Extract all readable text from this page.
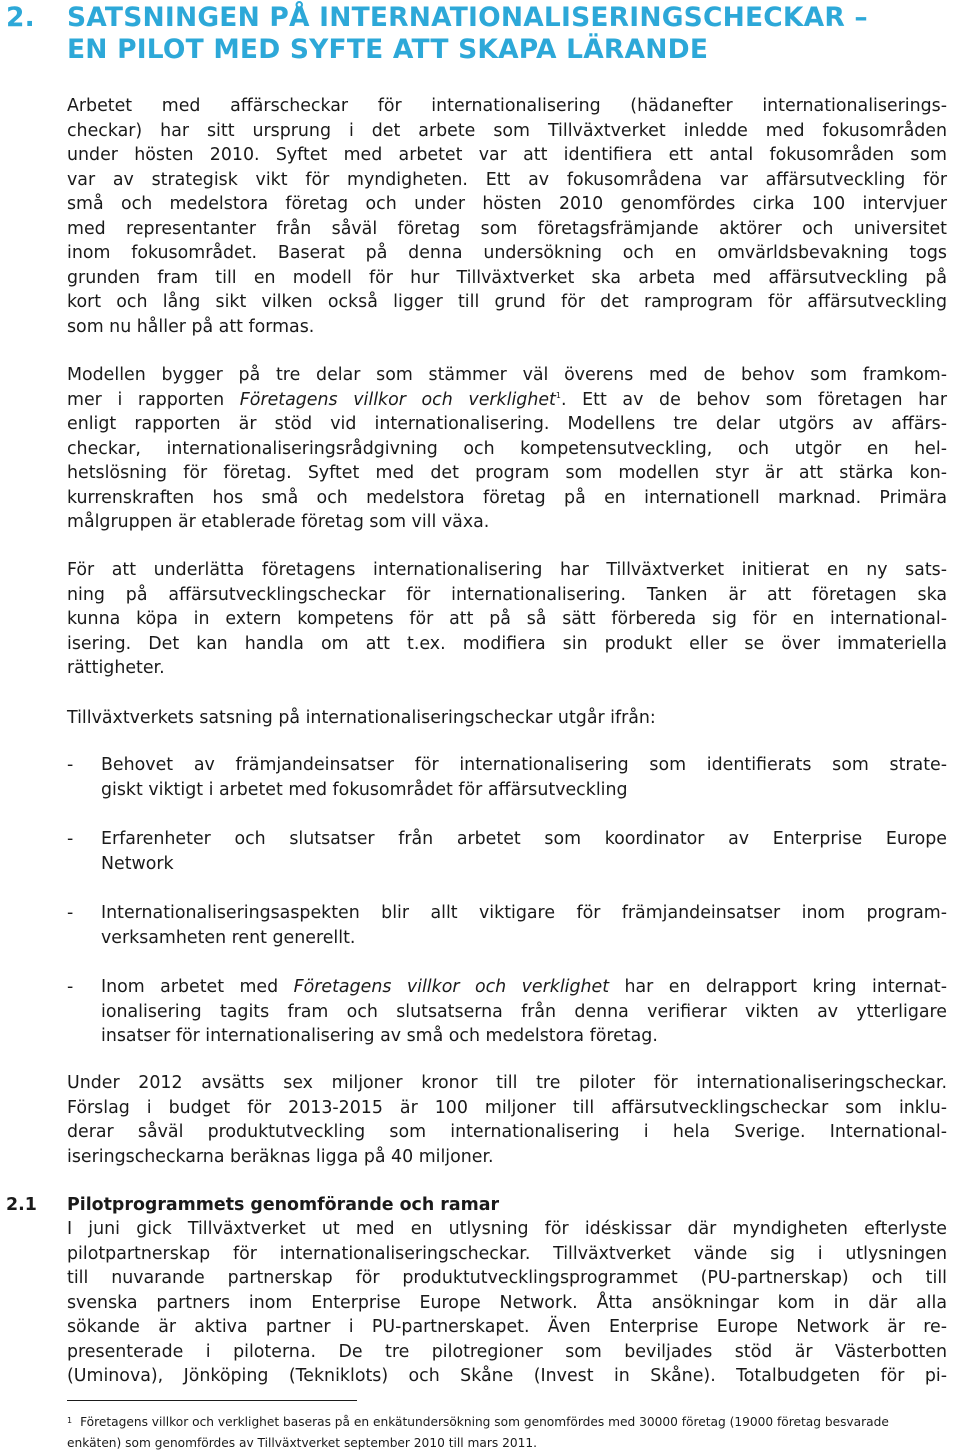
2. SATSNINGEN PÅ INTERNATIONALISERINGSCHECKAR –
EN PILOT MED SYFTE ATT SKAPA LÄRANDE
Arbetet med affärscheckar för internationalisering (hädanefter internationaliserings-
checkar) har sitt ursprung i det arbete som Tillväxtverket inledde med fokusområden
under hösten 2010. Syftet med arbetet var att identifiera ett antal fokusområden som
var av strategisk vikt för myndigheten. Ett av fokusområdena var affärsutveckling för
små och medelstora företag och under hösten 2010 genomfördes cirka 100 intervjuer
med representanter från såväl företag som företagsfrämjande aktörer och universitet
inom fokusområdet. Baserat på denna undersökning och en omvärldsbevakning togs
grunden fram till en modell för hur Tillväxtverket ska arbeta med affärsutveckling på
kort och lång sikt vilken också ligger till grund för det ramprogram för affärsutveckling
som nu håller på att formas.
Modellen bygger på tre delar som stämmer väl överens med de behov som framkom-
mer i rapporten Företagens villkor och verklighet$^1$. Ett av de behov som företagen har
enligt rapporten är stöd vid internationalisering. Modellens tre delar utgörs av affärs-
checkar, internationaliseringsrådgivning och kompetensutveckling, och utgör en hel-
hetslösning för företag. Syftet med det program som modellen styr är att stärka kon-
kurrenskraften hos små och medelstora företag på en internationell marknad. Primära
målgruppen är etablerade företag som vill växa.
För att underlätta företagens internationalisering har Tillväxtverket initierat en ny sats-
ning på affärsutvecklingscheckar för internationalisering. Tanken är att företagen ska
kunna köpa in extern kompetens för att på så sätt förbereda sig för en international-
isering. Det kan handla om att t.ex. modifiera sin produkt eller se över immateriella
rättigheter.
Tillväxtverkets satsning på internationaliseringscheckar utgår ifrån:
- Behovet av främjandeinsatser för internationalisering som identifierats som strate-
giskt viktigt i arbetet med fokusområdet för affärsutveckling
- Erfarenheter och slutsatser från arbetet som koordinator av Enterprise Europe
Network
- Internationaliseringsaspekten blir allt viktigare för främjandeinsatser inom program-
verksamheten rent generellt.
- Inom arbetet med Företagens villkor och verklighet har en delrapport kring internat-
ionalisering tagits fram och slutsatserna från denna verifierar vikten av ytterligare
insatser för internationalisering av små och medelstora företag.
Under 2012 avsätts sex miljoner kronor till tre piloter för internationaliseringscheckar.
Förslag i budget för 2013-2015 är 100 miljoner till affärsutvecklingscheckar som inklu-
derar såväl produktutveckling som internationalisering i hela Sverige. International-
iseringscheckarna beräknas ligga på 40 miljoner.
2.1 Pilotprogrammets genomförande och ramar
I juni gick Tillväxtverket ut med en utlysning för idéskissar där myndigheten efterlyste
pilotpartnerskap för internationaliseringscheckar. Tillväxtverket vände sig i utlysningen
till nuvarande partnerskap för produktutvecklingsprogrammet (PU-partnerskap) och till
svenska partners inom Enterprise Europe Network. Åtta ansökningar kom in där alla
sökande är aktiva partner i PU-partnerskapet. Även Enterprise Europe Network är re-
presenterade i piloterna. De tre pilotregioner som beviljades stöd är Västerbotten
(Uminova), Jönköping (Tekniklots) och Skåne (Invest in Skåne). Totalbudgeten för pi-
$^1$ Företagens villkor och verklighet baseras på en enkätundersökning som genomfördes med 30000 företag (19000 företag besvarade
enkäten) som genomfördes av Tillväxtverket september 2010 till mars 2011.
